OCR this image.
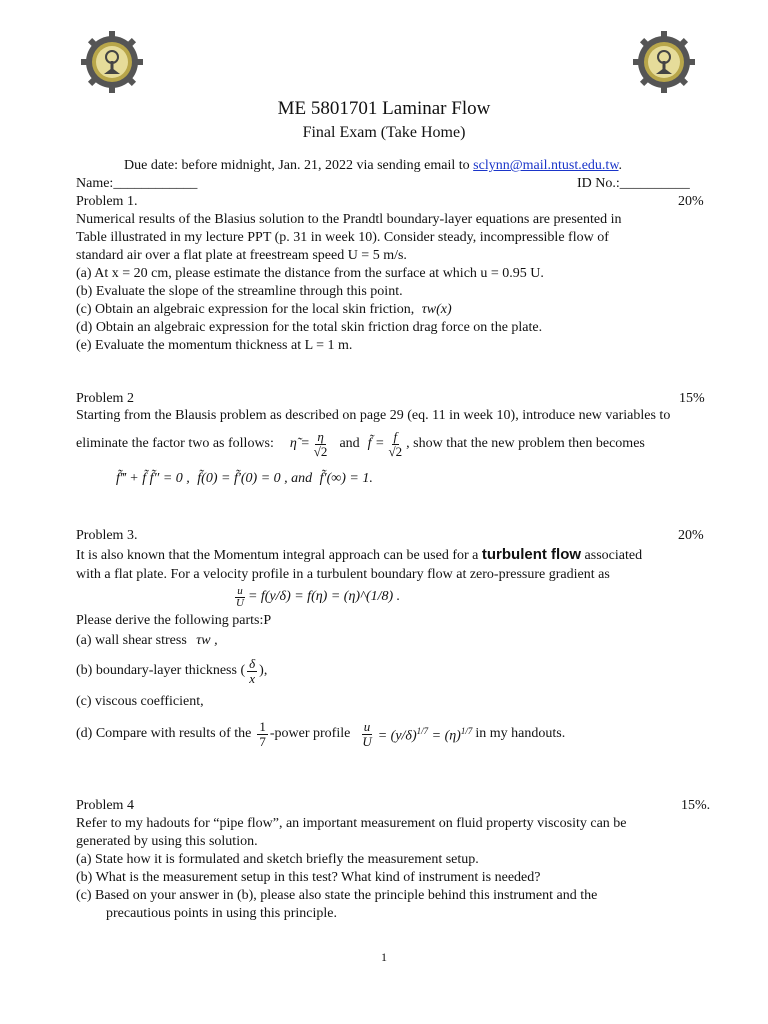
ME 5801701 Laminar Flow
Final Exam (Take Home)
Due date: before midnight, Jan. 21, 2022 via sending email to sclynn@mail.ntust.edu.tw.
Name:____________	ID No.:__________
Problem 1.	20%
Numerical results of the Blasius solution to the Prandtl boundary-layer equations are presented in
Table illustrated in my lecture PPT (p. 31 in week 10). Consider steady, incompressible flow of
standard air over a flat plate at freestream speed U = 5 m/s.
(a) At x = 20 cm, please estimate the distance from the surface at which u = 0.95 U.
(b) Evaluate the slope of the streamline through this point.
(c) Obtain an algebraic expression for the local skin friction, τw(x)
(d) Obtain an algebraic expression for the total skin friction drag force on the plate.
(e) Evaluate the momentum thickness at L = 1 m.
Problem 2	15%
Starting from the Blausis problem as described on page 29 (eq. 11 in week 10), introduce new variables to
eliminate the factor two as follows: η̃ = $\frac{\eta}{√2}$ and f̃ = $\frac{f}{√2}$ , show that the new problem then becomes
f̃‴ + f̃ f̃″ = 0 , f̃(0) = f̃′(0) = 0 , and f̃′(∞) = 1.
Problem 3.	20%
It is also known that the Momentum integral approach can be used for a turbulent flow associated
with a flat plate. For a velocity profile in a turbulent boundary flow at zero-pressure gradient as
$\frac{u}{U} = f(y/\delta) = f(\eta)$ = (η)^(1/8) .
Please derive the following parts:P
(a) wall shear stress τw ,
(b) boundary-layer thickness ( $\frac{\delta}{x}$ ),
(c) viscous coefficient,
(d) Compare with results of the $\frac{1}{7}$ -power profile $\frac{u}{U} = (y/\delta)^{1/7} = (\eta)^{1/7}$ in my handouts.
Problem 4	15%.
Refer to my hadouts for “pipe flow”, an important measurement on fluid property viscosity can be
generated by using this solution.
(a) State how it is formulated and sketch briefly the measurement setup.
(b) What is the measurement setup in this test? What kind of instrument is needed?
(c) Based on your answer in (b), please also state the principle behind this instrument and the
precautious points in using this principle.
1
